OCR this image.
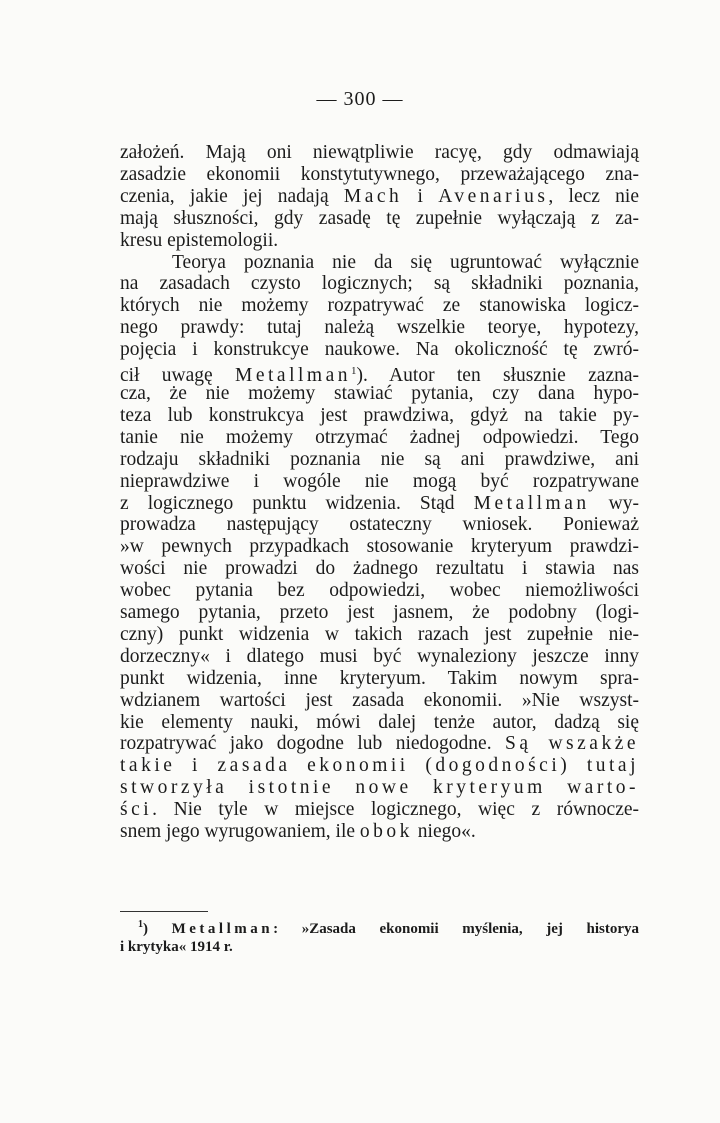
— 300 —
założeń. Mają oni niewątpliwie racyę, gdy odmawiają
zasadzie ekonomii konstytutywnego, przeważającego zna-
czenia, jakie jej nadają Mach i Avenarius, lecz nie
mają słuszności, gdy zasadę tę zupełnie wyłączają z za-
kresu epistemologii.
Teorya poznania nie da się ugruntować wyłącznie
na zasadach czysto logicznych; są składniki poznania,
których nie możemy rozpatrywać ze stanowiska logicz-
nego prawdy: tutaj należą wszelkie teorye, hypotezy,
pojęcia i konstrukcye naukowe. Na okoliczność tę zwró-
cił uwagę Metallman$^1$). Autor ten słusznie zazna-
cza, że nie możemy stawiać pytania, czy dana hypo-
teza lub konstrukcya jest prawdziwa, gdyż na takie py-
tanie nie możemy otrzymać żadnej odpowiedzi. Tego
rodzaju składniki poznania nie są ani prawdziwe, ani
nieprawdziwe i wogóle nie mogą być rozpatrywane
z logicznego punktu widzenia. Stąd Metallman wy-
prowadza następujący ostateczny wniosek. Ponieważ
»w pewnych przypadkach stosowanie kryteryum prawdzi-
wości nie prowadzi do żadnego rezultatu i stawia nas
wobec pytania bez odpowiedzi, wobec niemożliwości
samego pytania, przeto jest jasnem, że podobny (logi-
czny) punkt widzenia w takich razach jest zupełnie nie-
dorzeczny« i dlatego musi być wynaleziony jeszcze inny
punkt widzenia, inne kryteryum. Takim nowym spra-
wdzianem wartości jest zasada ekonomii. »Nie wszyst-
kie elementy nauki, mówi dalej tenże autor, dadzą się
rozpatrywać jako dogodne lub niedogodne. Są wszakże
takie i zasada ekonomii (dogodności) tutaj
stworzyła istotnie nowe kryteryum warto-
ści. Nie tyle w miejsce logicznego, więc z równocze-
snem jego wyrugowaniem, ile obok niego«.
$^1$) Metallman: »Zasada ekonomii myślenia, jej historya
i krytyka« 1914 r.
